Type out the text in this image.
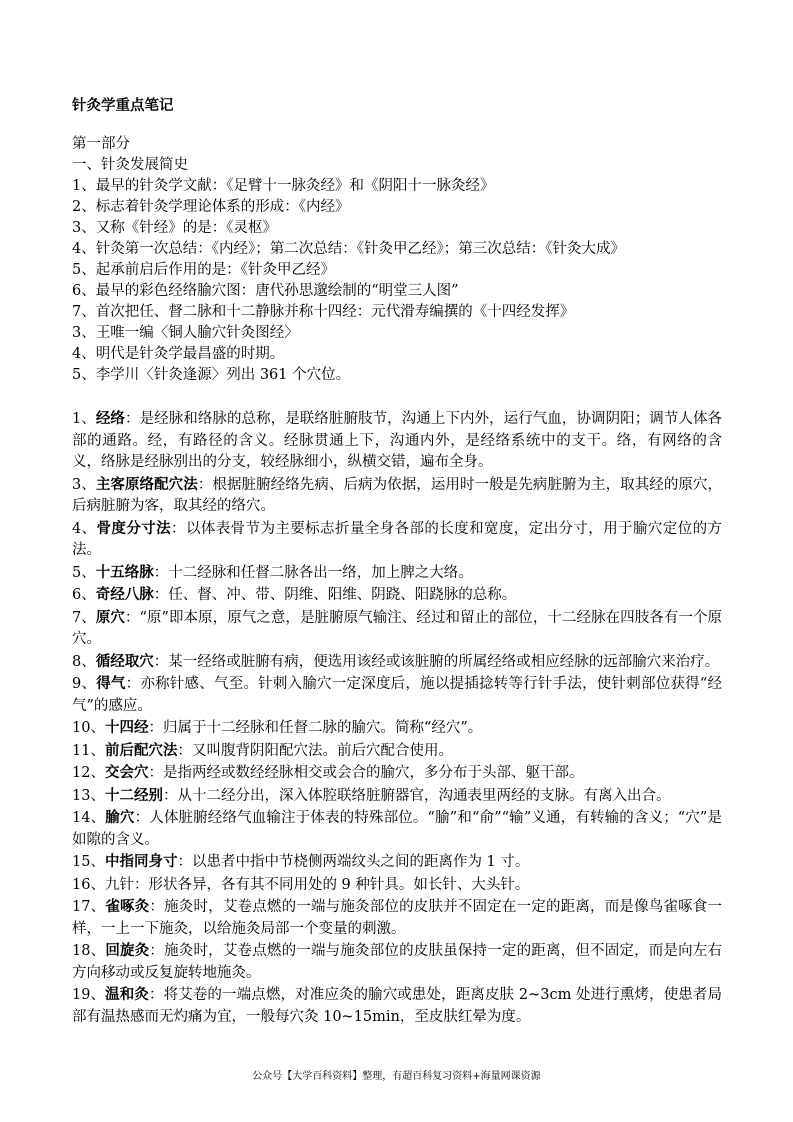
针灸学重点笔记
第一部分
一、针灸发展简史
1、最早的针灸学文献：《足臂十一脉灸经》和《阴阳十一脉灸经》
2、标志着针灸学理论体系的形成：《内经》
3、又称《针经》的是：《灵枢》
4、针灸第一次总结：《内经》；第二次总结：《针灸甲乙经》；第三次总结：《针灸大成》
5、起承前启后作用的是：《针灸甲乙经》
6、最早的彩色经络腧穴图：唐代孙思邈绘制的“明堂三人图”
7、首次把任、督二脉和十二静脉并称十四经：元代滑寿编撰的《十四经发挥》
3、王唯一编〈铜人腧穴针灸图经〉
4、明代是针灸学最昌盛的时期。
5、李学川〈针灸逢源〉列出 361 个穴位。
1、经络：是经脉和络脉的总称，是联络脏腑肢节，沟通上下内外，运行气血，协调阴阳；调节人体各部的通路。经，有路径的含义。经脉贯通上下，沟通内外，是经络系统中的支干。络，有网络的含义，络脉是经脉别出的分支，较经脉细小，纵横交错，遍布全身。
3、主客原络配穴法：根据脏腑经络先病、后病为依据，运用时一般是先病脏腑为主，取其经的原穴，后病脏腑为客，取其经的络穴。
4、骨度分寸法：以体表骨节为主要标志折量全身各部的长度和宽度，定出分寸，用于腧穴定位的方法。
5、十五络脉：十二经脉和任督二脉各出一络，加上脾之大络。
6、奇经八脉：任、督、冲、带、阴维、阳维、阴跷、阳跷脉的总称。
7、原穴：“原”即本原，原气之意，是脏腑原气输注、经过和留止的部位，十二经脉在四肢各有一个原穴。
8、循经取穴：某一经络或脏腑有病，便选用该经或该脏腑的所属经络或相应经脉的远部腧穴来治疗。
9、得气：亦称针感、气至。针刺入腧穴一定深度后，施以提插捻转等行针手法，使针刺部位获得“经气”的感应。
10、十四经：归属于十二经脉和任督二脉的腧穴。简称“经穴”。
11、前后配穴法：又叫腹背阴阳配穴法。前后穴配合使用。
12、交会穴：是指两经或数经经脉相交或会合的腧穴，多分布于头部、躯干部。
13、十二经别：从十二经分出，深入体腔联络脏腑器官，沟通表里两经的支脉。有离入出合。
14、腧穴：人体脏腑经络气血输注于体表的特殊部位。“腧”和“俞”“输”义通，有转输的含义；“穴”是如隙的含义。
15、中指同身寸：以患者中指中节桡侧两端纹头之间的距离作为 1 寸。
16、九针：形状各异，各有其不同用处的 9 种针具。如长针、大头针。
17、雀啄灸：施灸时，艾卷点燃的一端与施灸部位的皮肤并不固定在一定的距离，而是像鸟雀啄食一样，一上一下施灸，以给施灸局部一个变量的刺激。
18、回旋灸：施灸时，艾卷点燃的一端与施灸部位的皮肤虽保持一定的距离，但不固定，而是向左右方向移动或反复旋转地施灸。
19、温和灸：将艾卷的一端点燃，对准应灸的腧穴或患处，距离皮肤 2~3cm 处进行熏烤，使患者局部有温热感而无灼痛为宜，一般每穴灸 10~15min，至皮肤红晕为度。
公众号【大学百科资料】整理，有超百科复习资料+海量网课资源
